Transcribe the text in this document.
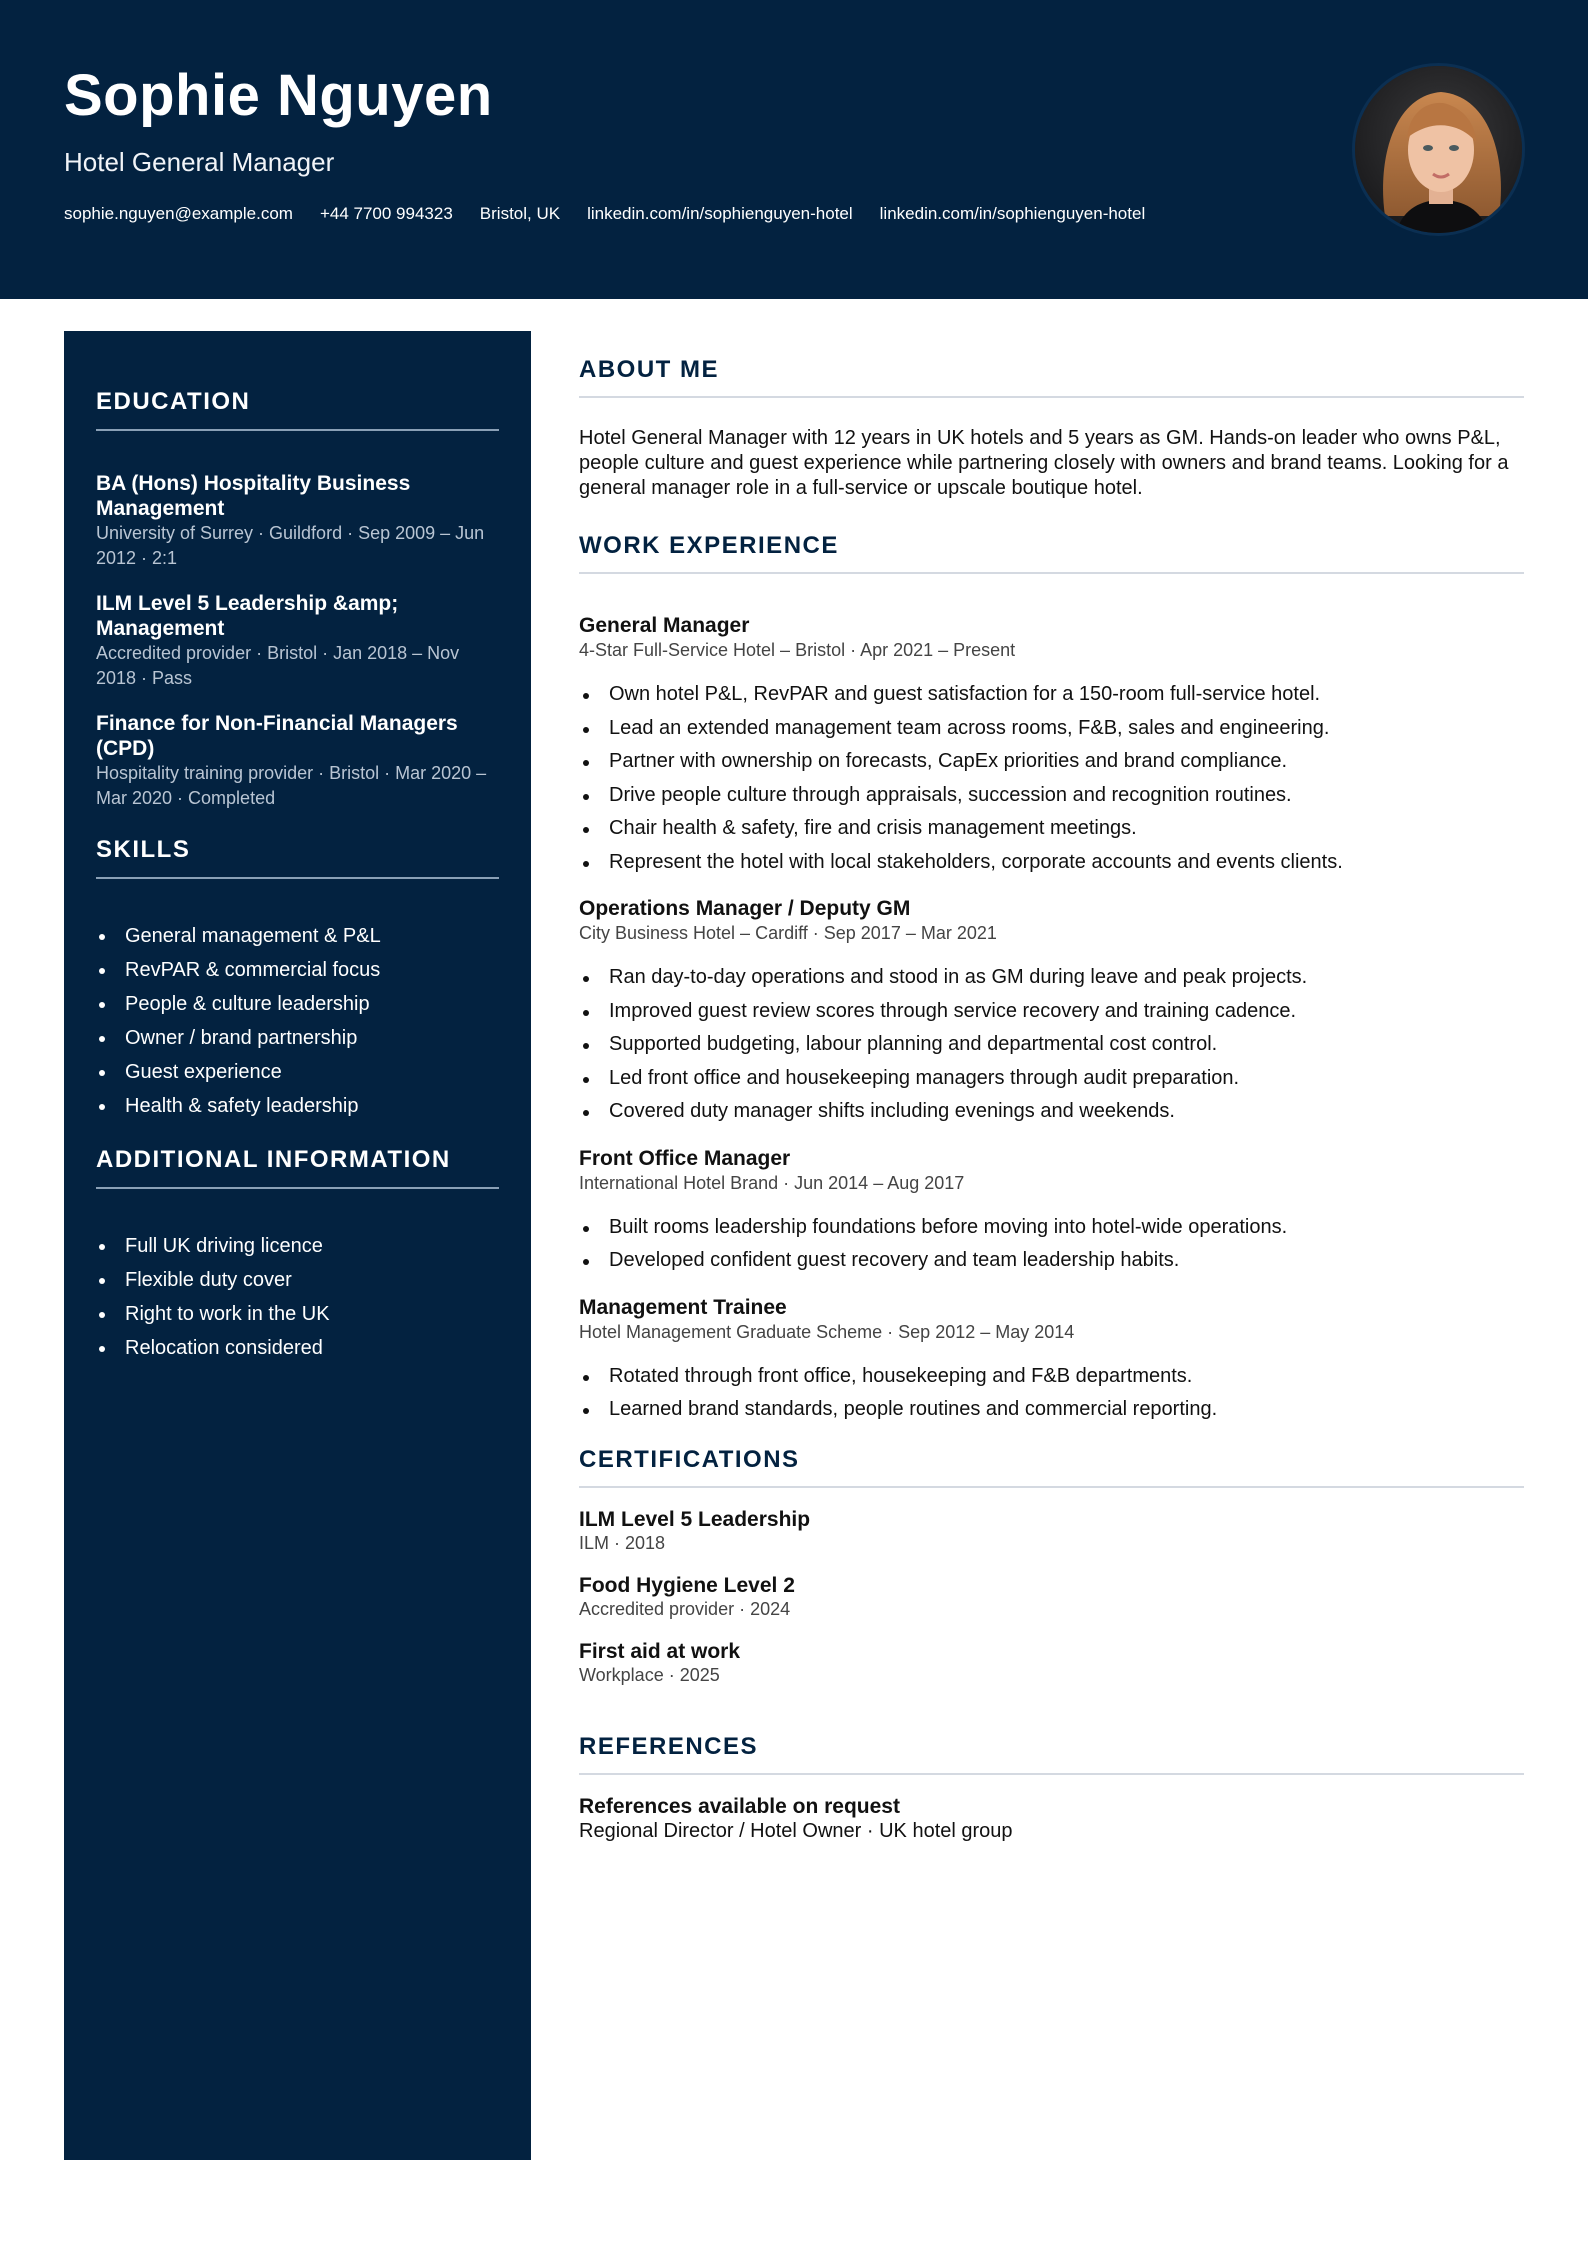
Sophie Nguyen
Hotel General Manager
sophie.nguyen@example.com +44 7700 994323 Bristol, UK linkedin.com/in/sophienguyen-hotel linkedin.com/in/sophienguyen-hotel
EDUCATION
BA (Hons) Hospitality Business Management
University of Surrey · Guildford · Sep 2009 – Jun 2012 · 2:1
ILM Level 5 Leadership &amp; Management
Accredited provider · Bristol · Jan 2018 – Nov 2018 · Pass
Finance for Non-Financial Managers (CPD)
Hospitality training provider · Bristol · Mar 2020 – Mar 2020 · Completed
SKILLS
General management & P&L
RevPAR & commercial focus
People & culture leadership
Owner / brand partnership
Guest experience
Health & safety leadership
ADDITIONAL INFORMATION
Full UK driving licence
Flexible duty cover
Right to work in the UK
Relocation considered
ABOUT ME
Hotel General Manager with 12 years in UK hotels and 5 years as GM. Hands-on leader who owns P&L, people culture and guest experience while partnering closely with owners and brand teams. Looking for a general manager role in a full-service or upscale boutique hotel.
WORK EXPERIENCE
General Manager
4-Star Full-Service Hotel – Bristol · Apr 2021 – Present
Own hotel P&L, RevPAR and guest satisfaction for a 150-room full-service hotel.
Lead an extended management team across rooms, F&B, sales and engineering.
Partner with ownership on forecasts, CapEx priorities and brand compliance.
Drive people culture through appraisals, succession and recognition routines.
Chair health & safety, fire and crisis management meetings.
Represent the hotel with local stakeholders, corporate accounts and events clients.
Operations Manager / Deputy GM
City Business Hotel – Cardiff · Sep 2017 – Mar 2021
Ran day-to-day operations and stood in as GM during leave and peak projects.
Improved guest review scores through service recovery and training cadence.
Supported budgeting, labour planning and departmental cost control.
Led front office and housekeeping managers through audit preparation.
Covered duty manager shifts including evenings and weekends.
Front Office Manager
International Hotel Brand · Jun 2014 – Aug 2017
Built rooms leadership foundations before moving into hotel-wide operations.
Developed confident guest recovery and team leadership habits.
Management Trainee
Hotel Management Graduate Scheme · Sep 2012 – May 2014
Rotated through front office, housekeeping and F&B departments.
Learned brand standards, people routines and commercial reporting.
CERTIFICATIONS
ILM Level 5 Leadership
ILM · 2018
Food Hygiene Level 2
Accredited provider · 2024
First aid at work
Workplace · 2025
REFERENCES
References available on request
Regional Director / Hotel Owner · UK hotel group
